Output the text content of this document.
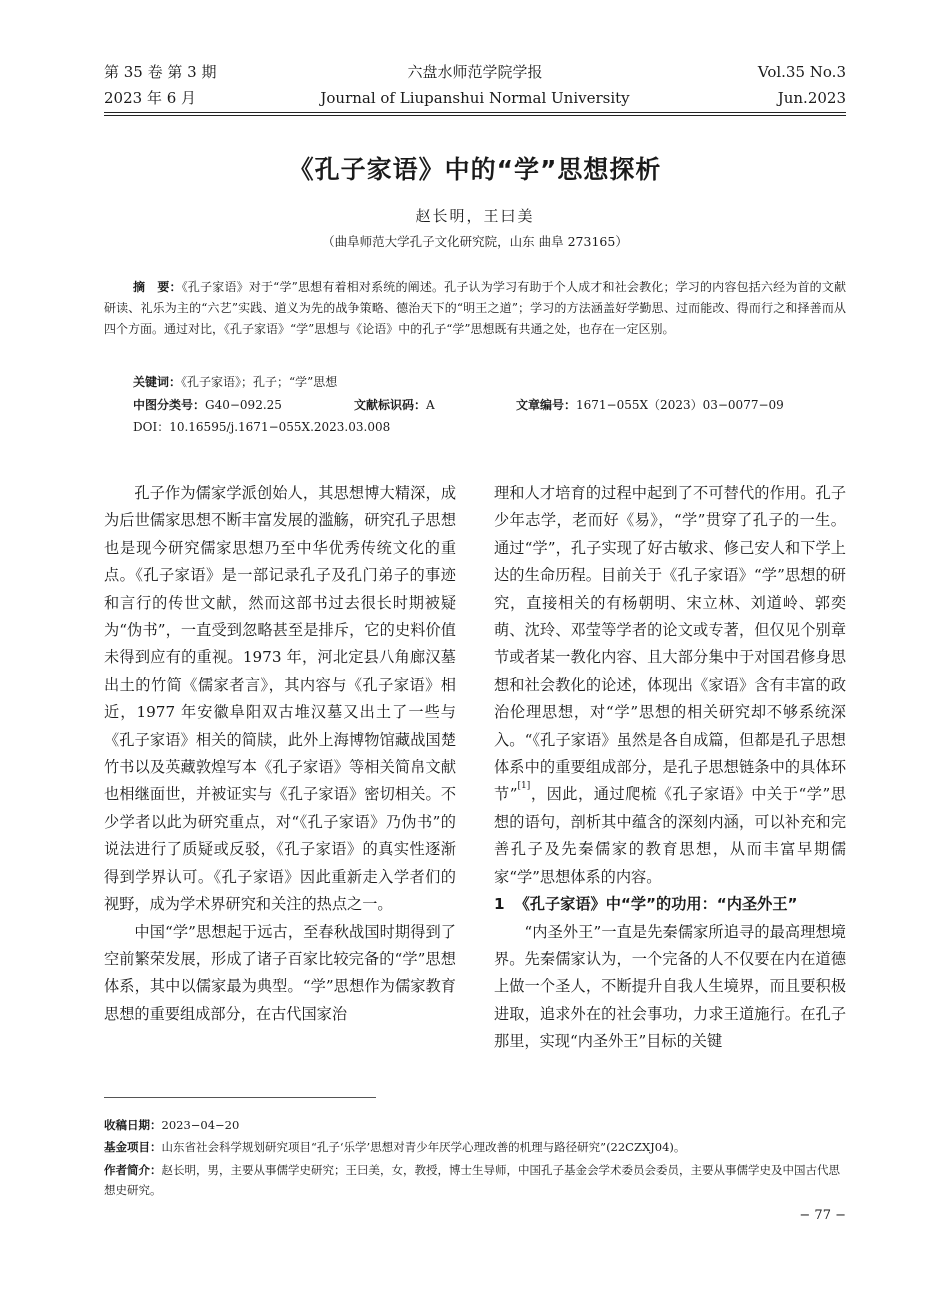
第 35 卷 第 3 期
2023 年 6 月
六盘水师范学院学报
Journal of Liupanshui Normal University
Vol.35 No.3
Jun.2023
《孔子家语》中的“学”思想探析
赵长明，王曰美
（曲阜师范大学孔子文化研究院，山东 曲阜 273165）

摘　要：《孔子家语》对于“学”思想有着相对系统的阐述。孔子认为学习有助于个人成才和社会教化；学习的内容包括六经为首的文献研读、礼乐为主的“六艺”实践、道义为先的战争策略、德治天下的“明王之道”；学习的方法涵盖好学勤思、过而能改、得而行之和择善而从四个方面。通过对比，《孔子家语》“学”思想与《论语》中的孔子“学”思想既有共通之处，也存在一定区别。

关键词：《孔子家语》；孔子；“学”思想
中图分类号：G40−092.25	文献标识码：A	文章编号：1671−055X（2023）03−0077−09
DOI：10.16595/j.1671−055X.2023.03.008

孔子作为儒家学派创始人，其思想博大精深，成为后世儒家思想不断丰富发展的滥觞，研究孔子思想也是现今研究儒家思想乃至中华优秀传统文化的重点。《孔子家语》是一部记录孔子及孔门弟子的事迹和言行的传世文献，然而这部书过去很长时期被疑为“伪书”，一直受到忽略甚至是排斥，它的史料价值未得到应有的重视。1973 年，河北定县八角廊汉墓出土的竹简《儒家者言》，其内容与《孔子家语》相近，1977 年安徽阜阳双古堆汉墓又出土了一些与《孔子家语》相关的简牍，此外上海博物馆藏战国楚竹书以及英藏敦煌写本《孔子家语》等相关简帛文献也相继面世，并被证实与《孔子家语》密切相关。不少学者以此为研究重点，对“《孔子家语》乃伪书”的说法进行了质疑或反驳，《孔子家语》的真实性逐渐得到学界认可。《孔子家语》因此重新走入学者们的视野，成为学术界研究和关注的热点之一。

中国“学”思想起于远古，至春秋战国时期得到了空前繁荣发展，形成了诸子百家比较完备的“学”思想体系，其中以儒家最为典型。“学”思想作为儒家教育思想的重要组成部分，在古代国家治

理和人才培育的过程中起到了不可替代的作用。孔子少年志学，老而好《易》，“学”贯穿了孔子的一生。通过“学”，孔子实现了好古敏求、修己安人和下学上达的生命历程。目前关于《孔子家语》“学”思想的研究，直接相关的有杨朝明、宋立林、刘道岭、郭奕萌、沈玲、邓莹等学者的论文或专著，但仅见个别章节或者某一教化内容、且大部分集中于对国君修身思想和社会教化的论述，体现出《家语》含有丰富的政治伦理思想，对“学”思想的相关研究却不够系统深入。“《孔子家语》虽然是各自成篇，但都是孔子思想体系中的重要组成部分，是孔子思想链条中的具体环节”[1]，因此，通过爬梳《孔子家语》中关于“学”思想的语句，剖析其中蕴含的深刻内涵，可以补充和完善孔子及先秦儒家的教育思想，从而丰富早期儒家“学”思想体系的内容。

1 《孔子家语》中“学”的功用：“内圣外王”

“内圣外王”一直是先秦儒家所追寻的最高理想境界。先秦儒家认为，一个完备的人不仅要在内在道德上做一个圣人，不断提升自我人生境界，而且要积极进取，追求外在的社会事功，力求王道施行。在孔子那里，实现“内圣外王”目标的关键

收稿日期：2023−04−20
基金项目：山东省社会科学规划研究项目“孔子‘乐学’思想对青少年厌学心理改善的机理与路径研究”(22CZXJ04)。
作者简介：赵长明，男，主要从事儒学史研究；王曰美，女，教授，博士生导师，中国孔子基金会学术委员会委员，主要从事儒学史及中国古代思想史研究。
− 77 −
